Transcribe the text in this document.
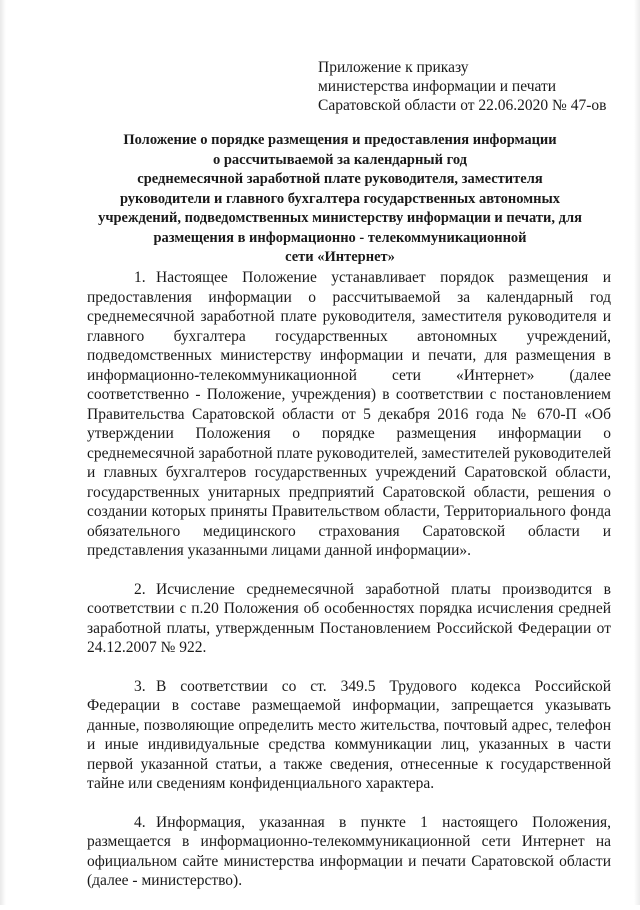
Приложение к приказу
министерства информации и печати
Саратовской области от 22.06.2020 № 47-ов
Положение о порядке размещения и предоставления информации
о рассчитываемой за календарный год
среднемесячной заработной плате руководителя, заместителя
руководители и главного бухгалтера государственных автономных
учреждений, подведомственных министерству информации и печати, для
размещения в информационно - телекоммуникационной
сети «Интернет»

1. Настоящее Положение устанавливает порядок размещения и предоставления информации о рассчитываемой за календарный год среднемесячной заработной плате руководителя, заместителя руководителя и главного бухгалтера государственных автономных учреждений, подведомственных министерству информации и печати, для размещения в информационно-телекоммуникационной сети «Интернет» (далее соответственно - Положение, учреждения) в соответствии с постановлением Правительства Саратовской области от 5 декабря 2016 года № 670-П «Об утверждении Положения о порядке размещения информации о среднемесячной заработной плате руководителей, заместителей руководителей и главных бухгалтеров государственных учреждений Саратовской области, государственных унитарных предприятий Саратовской области, решения о создании которых приняты Правительством области, Территориального фонда обязательного медицинского страхования Саратовской области и представления указанными лицами данной информации».

2. Исчисление среднемесячной заработной платы производится в соответствии с п.20 Положения об особенностях порядка исчисления средней заработной платы, утвержденным Постановлением Российской Федерации от 24.12.2007 № 922.

3. В соответствии со ст. 349.5 Трудового кодекса Российской Федерации в составе размещаемой информации, запрещается указывать данные, позволяющие определить место жительства, почтовый адрес, телефон и иные индивидуальные средства коммуникации лиц, указанных в части первой указанной статьи, а также сведения, отнесенные к государственной тайне или сведениям конфиденциального характера.

4. Информация, указанная в пункте 1 настоящего Положения, размещается в информационно-телекоммуникационной сети Интернет на официальном сайте министерства информации и печати Саратовской области (далее - министерство).
